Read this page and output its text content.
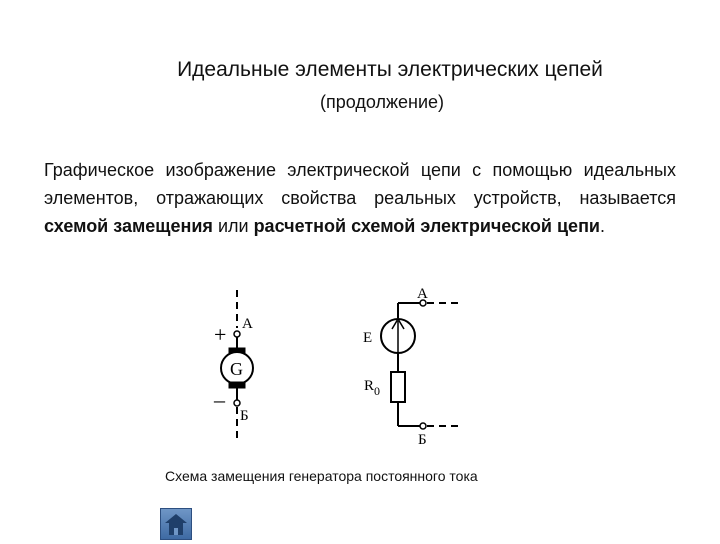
Идеальные элементы электрических цепей
(продолжение)
Графическое изображение электрической цепи с помощью идеальных элементов, отражающих свойства реальных устройств, называется схемой замещения или расчетной схемой электрической цепи.
+
–
А
Б
G
А
Б
E
$R_0$
Схема замещения генератора постоянного тока
